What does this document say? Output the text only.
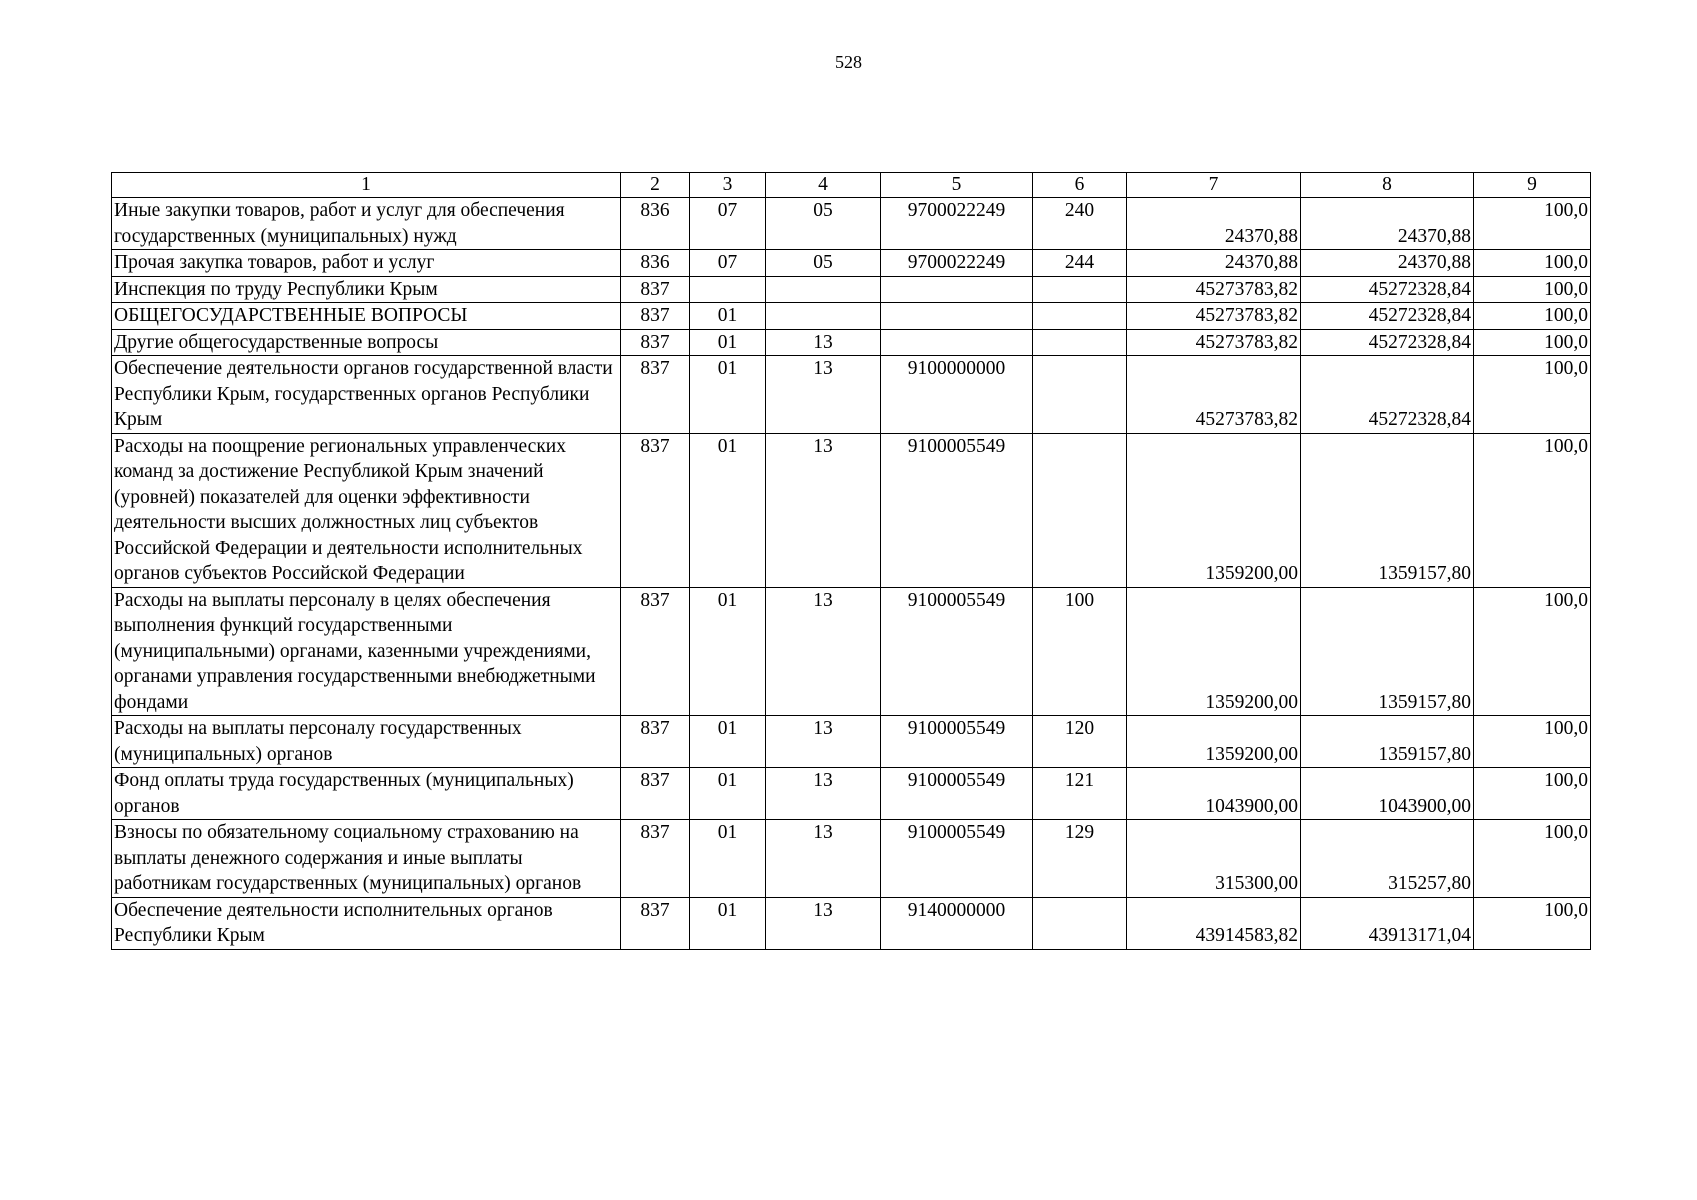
528
1	2	3	4	5	6	7	8	9
Иные закупки товаров, работ и услуг для обеспечения государственных (муниципальных) нужд	836	07	05	9700022249	240	24370,88	24370,88	100,0
Прочая закупка товаров, работ и услуг	836	07	05	9700022249	244	24370,88	24370,88	100,0
Инспекция по труду Республики Крым	837					45273783,82	45272328,84	100,0
ОБЩЕГОСУДАРСТВЕННЫЕ ВОПРОСЫ	837	01				45273783,82	45272328,84	100,0
Другие общегосударственные вопросы	837	01	13			45273783,82	45272328,84	100,0
Обеспечение деятельности органов государственной власти Республики Крым, государственных органов Республики Крым	837	01	13	9100000000		45273783,82	45272328,84	100,0
Расходы на поощрение региональных управленческих команд за достижение Республикой Крым значений (уровней) показателей для оценки эффективности деятельности высших должностных лиц субъектов Российской Федерации и деятельности исполнительных органов субъектов Российской Федерации	837	01	13	9100005549		1359200,00	1359157,80	100,0
Расходы на выплаты персоналу в целях обеспечения выполнения функций государственными (муниципальными) органами, казенными учреждениями, органами управления государственными внебюджетными фондами	837	01	13	9100005549	100	1359200,00	1359157,80	100,0
Расходы на выплаты персоналу государственных (муниципальных) органов	837	01	13	9100005549	120	1359200,00	1359157,80	100,0
Фонд оплаты труда государственных (муниципальных) органов	837	01	13	9100005549	121	1043900,00	1043900,00	100,0
Взносы по обязательному социальному страхованию на выплаты денежного содержания и иные выплаты работникам государственных (муниципальных) органов	837	01	13	9100005549	129	315300,00	315257,80	100,0
Обеспечение деятельности исполнительных органов Республики Крым	837	01	13	9140000000		43914583,82	43913171,04	100,0
